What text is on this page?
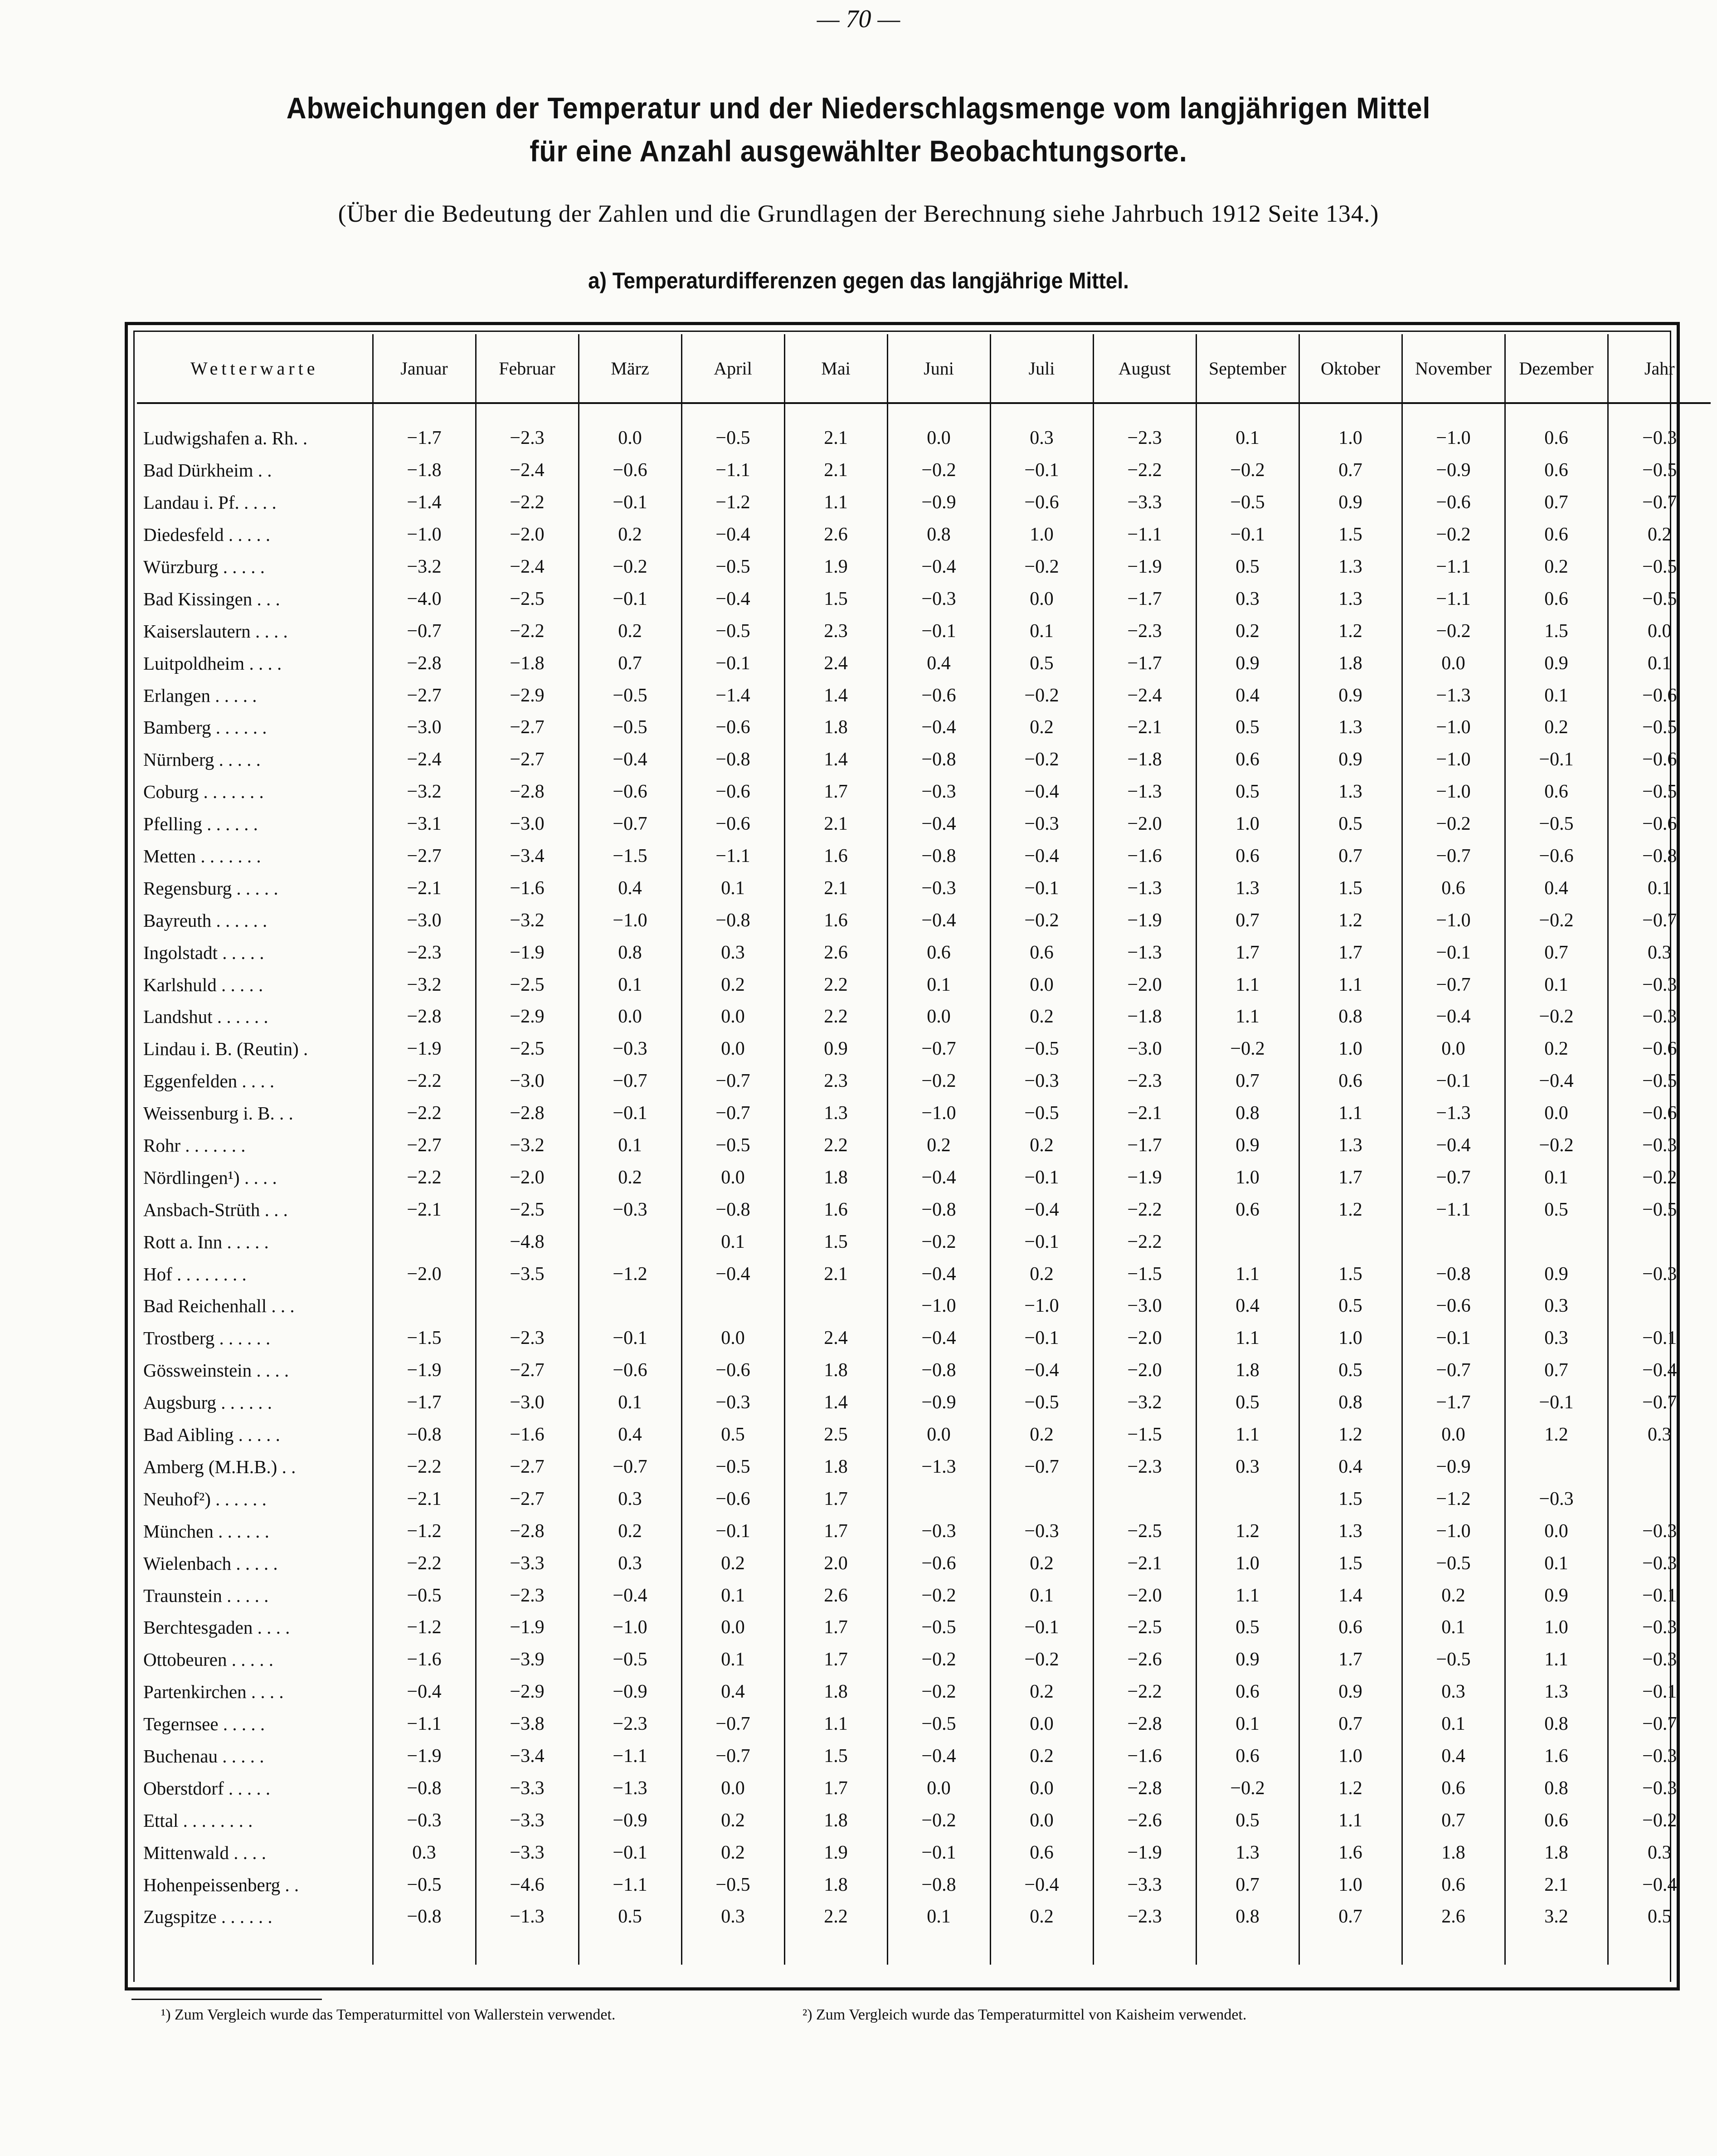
— 70 —
Abweichungen der Temperatur und der Niederschlagsmenge vom langjährigen Mittel
für eine Anzahl ausgewählter Beobachtungsorte.
(Über die Bedeutung der Zahlen und die Grundlagen der Berechnung siehe Jahrbuch 1912 Seite 134.)
a) Temperaturdifferenzen gegen das langjährige Mittel.
Wetterwarte	Januar	Februar	März	April	Mai	Juni	Juli	August	September	Oktober	November	Dezember	Jahr

Ludwigshafen a. Rh. .	−1.7	−2.3	0.0	−0.5	2.1	0.0	0.3	−2.3	0.1	1.0	−1.0	0.6	−0.3
Bad Dürkheim . .	−1.8	−2.4	−0.6	−1.1	2.1	−0.2	−0.1	−2.2	−0.2	0.7	−0.9	0.6	−0.5
Landau i. Pf. . . . .	−1.4	−2.2	−0.1	−1.2	1.1	−0.9	−0.6	−3.3	−0.5	0.9	−0.6	0.7	−0.7
Diedesfeld . . . . .	−1.0	−2.0	0.2	−0.4	2.6	0.8	1.0	−1.1	−0.1	1.5	−0.2	0.6	0.2
Würzburg . . . . .	−3.2	−2.4	−0.2	−0.5	1.9	−0.4	−0.2	−1.9	0.5	1.3	−1.1	0.2	−0.5
Bad Kissingen . . .	−4.0	−2.5	−0.1	−0.4	1.5	−0.3	0.0	−1.7	0.3	1.3	−1.1	0.6	−0.5
Kaiserslautern . . . .	−0.7	−2.2	0.2	−0.5	2.3	−0.1	0.1	−2.3	0.2	1.2	−0.2	1.5	0.0
Luitpoldheim . . . .	−2.8	−1.8	0.7	−0.1	2.4	0.4	0.5	−1.7	0.9	1.8	0.0	0.9	0.1
Erlangen . . . . .	−2.7	−2.9	−0.5	−1.4	1.4	−0.6	−0.2	−2.4	0.4	0.9	−1.3	0.1	−0.6
Bamberg . . . . . .	−3.0	−2.7	−0.5	−0.6	1.8	−0.4	0.2	−2.1	0.5	1.3	−1.0	0.2	−0.5
Nürnberg . . . . .	−2.4	−2.7	−0.4	−0.8	1.4	−0.8	−0.2	−1.8	0.6	0.9	−1.0	−0.1	−0.6
Coburg . . . . . . .	−3.2	−2.8	−0.6	−0.6	1.7	−0.3	−0.4	−1.3	0.5	1.3	−1.0	0.6	−0.5
Pfelling . . . . . .	−3.1	−3.0	−0.7	−0.6	2.1	−0.4	−0.3	−2.0	1.0	0.5	−0.2	−0.5	−0.6
Metten . . . . . . .	−2.7	−3.4	−1.5	−1.1	1.6	−0.8	−0.4	−1.6	0.6	0.7	−0.7	−0.6	−0.8
Regensburg . . . . .	−2.1	−1.6	0.4	0.1	2.1	−0.3	−0.1	−1.3	1.3	1.5	0.6	0.4	0.1
Bayreuth . . . . . .	−3.0	−3.2	−1.0	−0.8	1.6	−0.4	−0.2	−1.9	0.7	1.2	−1.0	−0.2	−0.7
Ingolstadt . . . . .	−2.3	−1.9	0.8	0.3	2.6	0.6	0.6	−1.3	1.7	1.7	−0.1	0.7	0.3
Karlshuld . . . . .	−3.2	−2.5	0.1	0.2	2.2	0.1	0.0	−2.0	1.1	1.1	−0.7	0.1	−0.3
Landshut . . . . . .	−2.8	−2.9	0.0	0.0	2.2	0.0	0.2	−1.8	1.1	0.8	−0.4	−0.2	−0.3
Lindau i. B. (Reutin) .	−1.9	−2.5	−0.3	0.0	0.9	−0.7	−0.5	−3.0	−0.2	1.0	0.0	0.2	−0.6
Eggenfelden . . . .	−2.2	−3.0	−0.7	−0.7	2.3	−0.2	−0.3	−2.3	0.7	0.6	−0.1	−0.4	−0.5
Weissenburg i. B. . .	−2.2	−2.8	−0.1	−0.7	1.3	−1.0	−0.5	−2.1	0.8	1.1	−1.3	0.0	−0.6
Rohr . . . . . . .	−2.7	−3.2	0.1	−0.5	2.2	0.2	0.2	−1.7	0.9	1.3	−0.4	−0.2	−0.3
Nördlingen¹) . . . .	−2.2	−2.0	0.2	0.0	1.8	−0.4	−0.1	−1.9	1.0	1.7	−0.7	0.1	−0.2
Ansbach-Strüth . . .	−2.1	−2.5	−0.3	−0.8	1.6	−0.8	−0.4	−2.2	0.6	1.2	−1.1	0.5	−0.5
Rott a. Inn . . . . .		−4.8		0.1	1.5	−0.2	−0.1	−2.2					
Hof . . . . . . . .	−2.0	−3.5	−1.2	−0.4	2.1	−0.4	0.2	−1.5	1.1	1.5	−0.8	0.9	−0.3
Bad Reichenhall . . .						−1.0	−1.0	−3.0	0.4	0.5	−0.6	0.3	
Trostberg . . . . . .	−1.5	−2.3	−0.1	0.0	2.4	−0.4	−0.1	−2.0	1.1	1.0	−0.1	0.3	−0.1
Gössweinstein . . . .	−1.9	−2.7	−0.6	−0.6	1.8	−0.8	−0.4	−2.0	1.8	0.5	−0.7	0.7	−0.4
Augsburg . . . . . .	−1.7	−3.0	0.1	−0.3	1.4	−0.9	−0.5	−3.2	0.5	0.8	−1.7	−0.1	−0.7
Bad Aibling . . . . .	−0.8	−1.6	0.4	0.5	2.5	0.0	0.2	−1.5	1.1	1.2	0.0	1.2	0.3
Amberg (M.H.B.) . .	−2.2	−2.7	−0.7	−0.5	1.8	−1.3	−0.7	−2.3	0.3	0.4	−0.9		
Neuhof²) . . . . . .	−2.1	−2.7	0.3	−0.6	1.7					1.5	−1.2	−0.3	
München . . . . . .	−1.2	−2.8	0.2	−0.1	1.7	−0.3	−0.3	−2.5	1.2	1.3	−1.0	0.0	−0.3
Wielenbach . . . . .	−2.2	−3.3	0.3	0.2	2.0	−0.6	0.2	−2.1	1.0	1.5	−0.5	0.1	−0.3
Traunstein . . . . .	−0.5	−2.3	−0.4	0.1	2.6	−0.2	0.1	−2.0	1.1	1.4	0.2	0.9	−0.1
Berchtesgaden . . . .	−1.2	−1.9	−1.0	0.0	1.7	−0.5	−0.1	−2.5	0.5	0.6	0.1	1.0	−0.3
Ottobeuren . . . . .	−1.6	−3.9	−0.5	0.1	1.7	−0.2	−0.2	−2.6	0.9	1.7	−0.5	1.1	−0.3
Partenkirchen . . . .	−0.4	−2.9	−0.9	0.4	1.8	−0.2	0.2	−2.2	0.6	0.9	0.3	1.3	−0.1
Tegernsee . . . . .	−1.1	−3.8	−2.3	−0.7	1.1	−0.5	0.0	−2.8	0.1	0.7	0.1	0.8	−0.7
Buchenau . . . . .	−1.9	−3.4	−1.1	−0.7	1.5	−0.4	0.2	−1.6	0.6	1.0	0.4	1.6	−0.3
Oberstdorf . . . . .	−0.8	−3.3	−1.3	0.0	1.7	0.0	0.0	−2.8	−0.2	1.2	0.6	0.8	−0.3
Ettal . . . . . . . .	−0.3	−3.3	−0.9	0.2	1.8	−0.2	0.0	−2.6	0.5	1.1	0.7	0.6	−0.2
Mittenwald . . . .	0.3	−3.3	−0.1	0.2	1.9	−0.1	0.6	−1.9	1.3	1.6	1.8	1.8	0.3
Hohenpeissenberg . .	−0.5	−4.6	−1.1	−0.5	1.8	−0.8	−0.4	−3.3	0.7	1.0	0.6	2.1	−0.4
Zugspitze . . . . . .	−0.8	−1.3	0.5	0.3	2.2	0.1	0.2	−2.3	0.8	0.7	2.6	3.2	0.5

¹) Zum Vergleich wurde das Temperaturmittel von Wallerstein verwendet.	²) Zum Vergleich wurde das Temperaturmittel von Kaisheim verwendet.
